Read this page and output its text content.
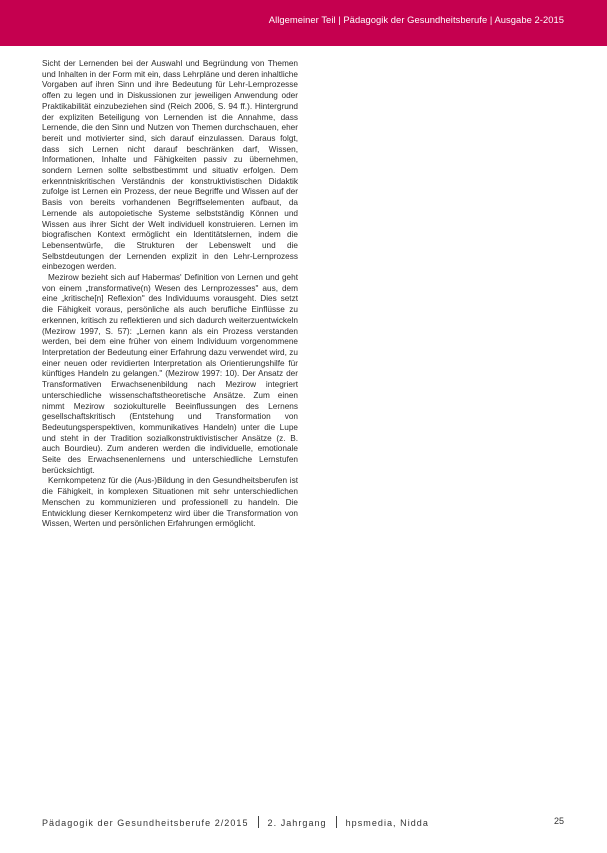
Allgemeiner Teil | Pädagogik der Gesundheitsberufe | Ausgabe 2-2015

Sicht der Lernenden bei der Auswahl und Begründung von Themen und Inhalten in der Form mit ein, dass Lehrpläne und deren inhaltliche Vorgaben auf ihren Sinn und ihre Bedeutung für Lehr-Lernprozesse offen zu legen und in Diskussionen zur jeweiligen Anwendung oder Praktikabilität einzubeziehen sind (Reich 2006, S. 94 ff.). Hintergrund der expliziten Beteiligung von Lernenden ist die Annahme, dass Lernende, die den Sinn und Nutzen von Themen durchschauen, eher bereit und motivierter sind, sich darauf einzulassen. Daraus folgt, dass sich Lernen nicht darauf beschränken darf, Wissen, Informationen, Inhalte und Fähigkeiten passiv zu übernehmen, sondern Lernen sollte selbstbestimmt und situativ erfolgen. Dem erkenntniskritischen Verständnis der konstruktivistischen Didaktik zufolge ist Lernen ein Prozess, der neue Begriffe und Wissen auf der Basis von bereits vorhandenen Begriffselementen aufbaut, da Lernende als autopoietische Systeme selbstständig Können und Wissen aus ihrer Sicht der Welt individuell konstruieren. Lernen im biografischen Kontext ermöglicht ein Identitätslernen, indem die Lebensentwürfe, die Strukturen der Lebenswelt und die Selbstdeutungen der Lernenden explizit in den Lehr-Lernprozess einbezogen werden.

Mezirow bezieht sich auf Habermas' Definition von Lernen und geht von einem „transformative(n) Wesen des Lernprozesses" aus, dem eine „kritische[n] Reflexion" des Individuums vorausgeht. Dies setzt die Fähigkeit voraus, persönliche als auch berufliche Einflüsse zu erkennen, kritisch zu reflektieren und sich dadurch weiterzuentwickeln (Mezirow 1997, S. 57): „Lernen kann als ein Prozess verstanden werden, bei dem eine früher von einem Individuum vorgenommene Interpretation der Bedeutung einer Erfahrung dazu verwendet wird, zu einer neuen oder revidierten Interpretation als Orientierungshilfe für künftiges Handeln zu gelangen." (Mezirow 1997: 10). Der Ansatz der Transformativen Erwachsenenbildung nach Mezirow integriert unterschiedliche wissenschaftstheoretische Ansätze. Zum einen nimmt Mezirow soziokulturelle Beeinflussungen des Lernens gesellschaftskritisch (Entstehung und Transformation von Bedeutungsperspektiven, kommunikatives Handeln) unter die Lupe und steht in der Tradition sozialkonstruktivistischer Ansätze (z. B. auch Bourdieu). Zum anderen werden die individuelle, emotionale Seite des Erwachsenenlernens und unterschiedliche Lernstufen berücksichtigt.

Kernkompetenz für die (Aus-)Bildung in den Gesundheitsberufen ist die Fähigkeit, in komplexen Situationen mit sehr unterschiedlichen Menschen zu kommunizieren und professionell zu handeln. Die Entwicklung dieser Kernkompetenz wird über die Transformation von Wissen, Werten und persönlichen Erfahrungen ermöglicht.

Pädagogik der Gesundheitsberufe 2/2015 2. Jahrgang hpsmedia, Nidda	25
